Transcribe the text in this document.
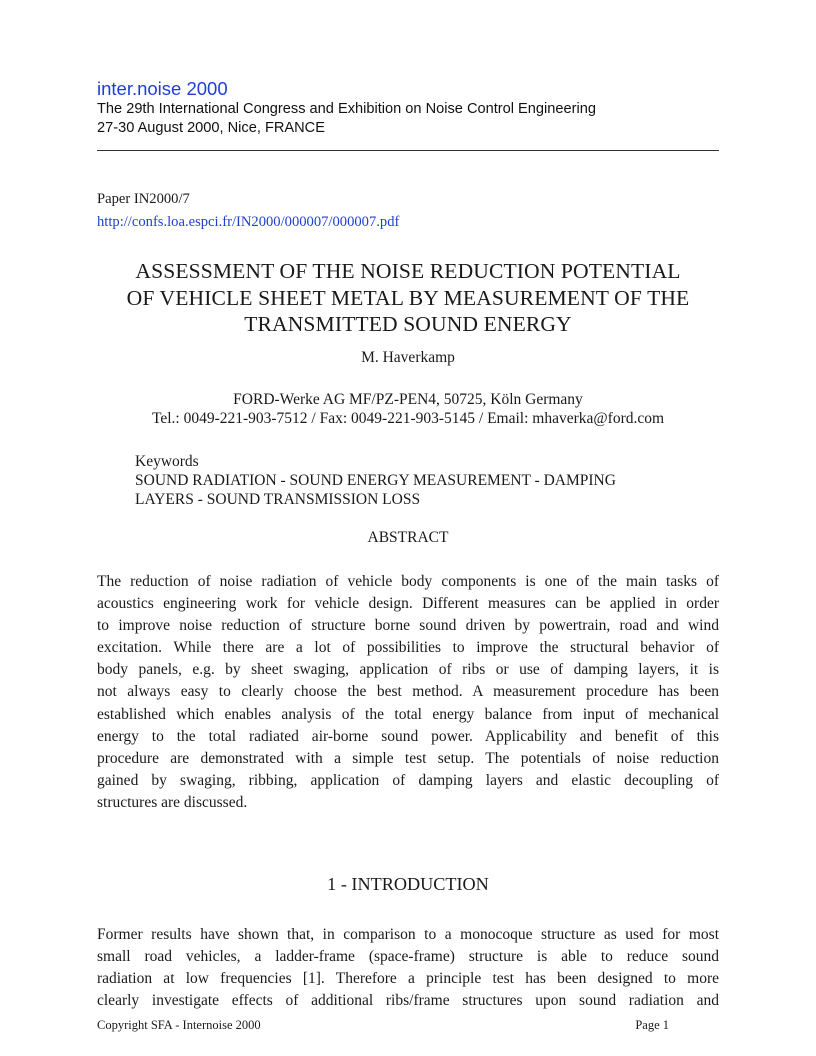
inter.noise 2000
The 29th International Congress and Exhibition on Noise Control Engineering
27-30 August 2000, Nice, FRANCE
Paper IN2000/7
http://confs.loa.espci.fr/IN2000/000007/000007.pdf
ASSESSMENT OF THE NOISE REDUCTION POTENTIAL
OF VEHICLE SHEET METAL BY MEASUREMENT OF THE
TRANSMITTED SOUND ENERGY
M. Haverkamp
FORD-Werke AG MF/PZ-PEN4, 50725, Köln Germany
Tel.: 0049-221-903-7512 / Fax: 0049-221-903-5145 / Email: mhaverka@ford.com
Keywords
SOUND RADIATION - SOUND ENERGY MEASUREMENT - DAMPING
LAYERS - SOUND TRANSMISSION LOSS
ABSTRACT
The reduction of noise radiation of vehicle body components is one of the main tasks of
acoustics engineering work for vehicle design. Different measures can be applied in order
to improve noise reduction of structure borne sound driven by powertrain, road and wind
excitation. While there are a lot of possibilities to improve the structural behavior of
body panels, e.g. by sheet swaging, application of ribs or use of damping layers, it is
not always easy to clearly choose the best method. A measurement procedure has been
established which enables analysis of the total energy balance from input of mechanical
energy to the total radiated air-borne sound power. Applicability and benefit of this
procedure are demonstrated with a simple test setup. The potentials of noise reduction
gained by swaging, ribbing, application of damping layers and elastic decoupling of
structures are discussed.
1 - INTRODUCTION
Former results have shown that, in comparison to a monocoque structure as used for most
small road vehicles, a ladder-frame (space-frame) structure is able to reduce sound
radiation at low frequencies [1]. Therefore a principle test has been designed to more
clearly investigate effects of additional ribs/frame structures upon sound radiation and
Copyright SFA - Internoise 2000	Page 1
